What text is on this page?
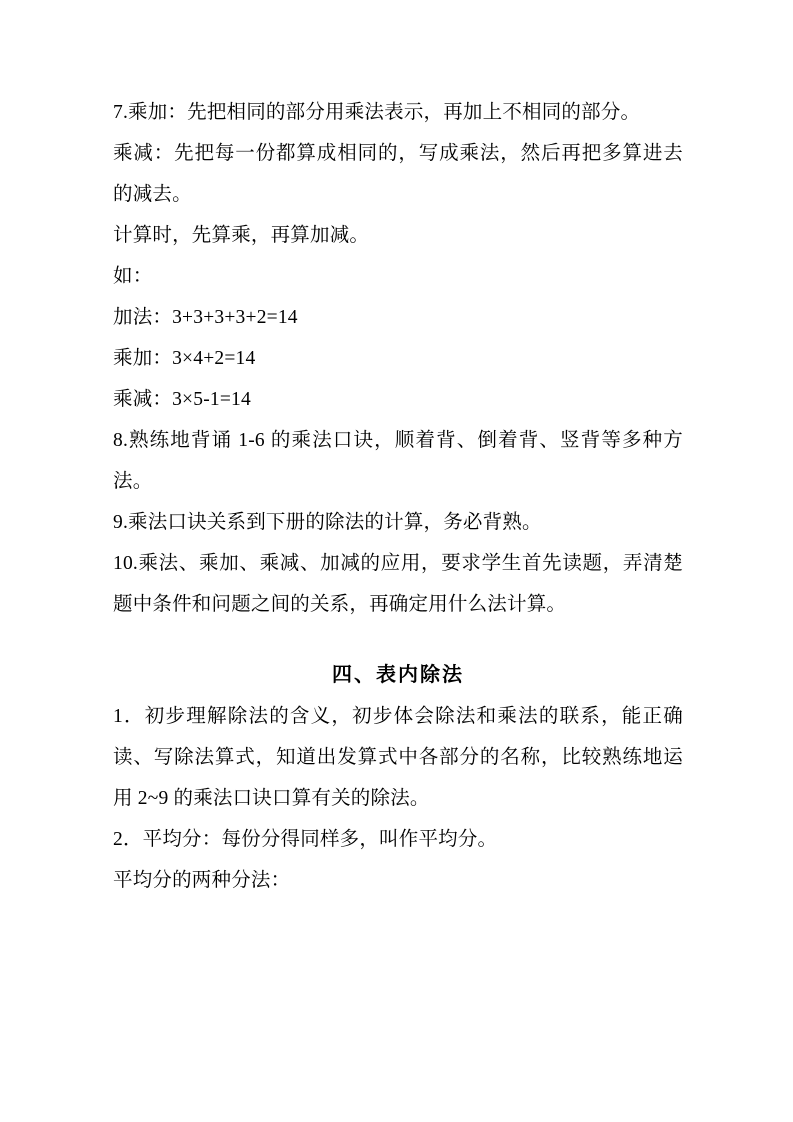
7.乘加：先把相同的部分用乘法表示，再加上不相同的部分。

乘减：先把每一份都算成相同的，写成乘法，然后再把多算进去的减去。

计算时，先算乘，再算加减。

如：

加法：3+3+3+3+2=14

乘加：3×4+2=14

乘减：3×5-1=14

8.熟练地背诵 1-6 的乘法口诀，顺着背、倒着背、竖背等多种方法。

9.乘法口诀关系到下册的除法的计算，务必背熟。

10.乘法、乘加、乘减、加减的应用，要求学生首先读题，弄清楚题中条件和问题之间的关系，再确定用什么法计算。

四、表内除法

1．初步理解除法的含义，初步体会除法和乘法的联系，能正确读、写除法算式，知道出发算式中各部分的名称，比较熟练地运用 2~9 的乘法口诀口算有关的除法。

2．平均分：每份分得同样多，叫作平均分。

平均分的两种分法：
